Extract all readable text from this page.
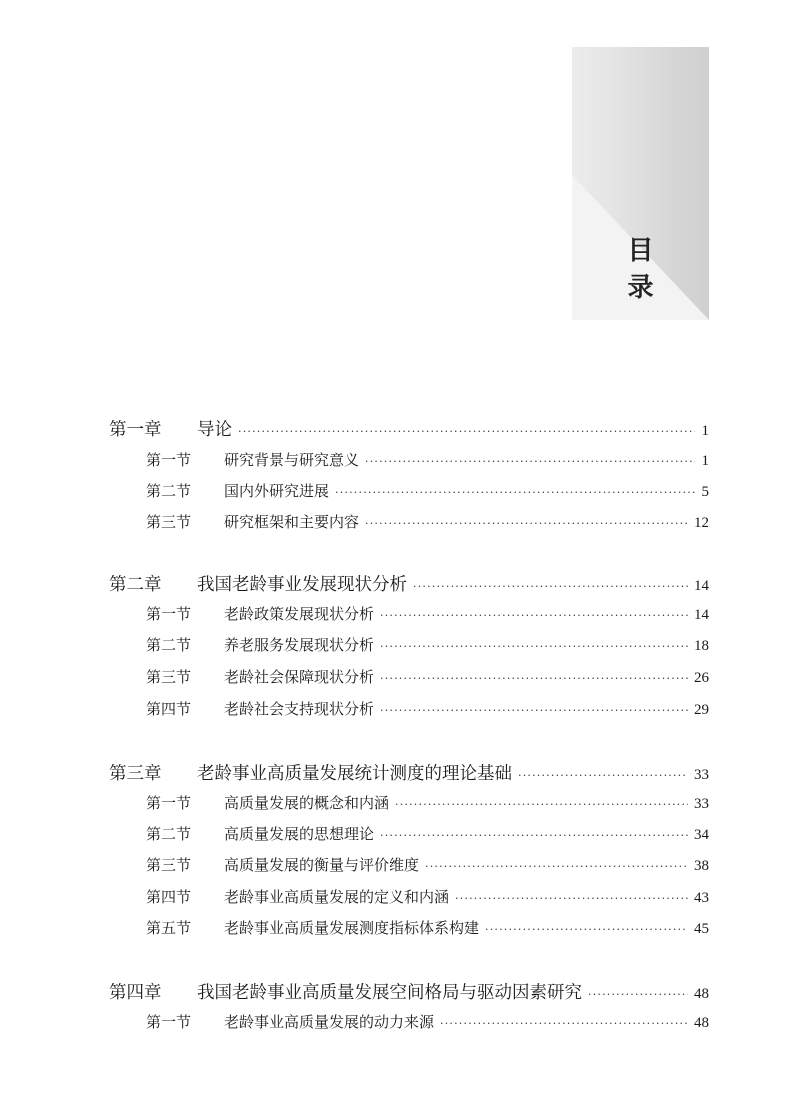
目 录
第一章	导论 ·····	1
第一节	研究背景与研究意义 ·····	1
第二节	国内外研究进展 ·····	5
第三节	研究框架和主要内容 ·····	12
第二章	我国老龄事业发展现状分析 ·····	14
第一节	老龄政策发展现状分析 ·····	14
第二节	养老服务发展现状分析 ·····	18
第三节	老龄社会保障现状分析 ·····	26
第四节	老龄社会支持现状分析 ·····	29
第三章	老龄事业高质量发展统计测度的理论基础 ·····	33
第一节	高质量发展的概念和内涵 ·····	33
第二节	高质量发展的思想理论 ·····	34
第三节	高质量发展的衡量与评价维度 ·····	38
第四节	老龄事业高质量发展的定义和内涵 ·····	43
第五节	老龄事业高质量发展测度指标体系构建 ·····	45
第四章	我国老龄事业高质量发展空间格局与驱动因素研究 ·····	48
第一节	老龄事业高质量发展的动力来源 ·····	48
